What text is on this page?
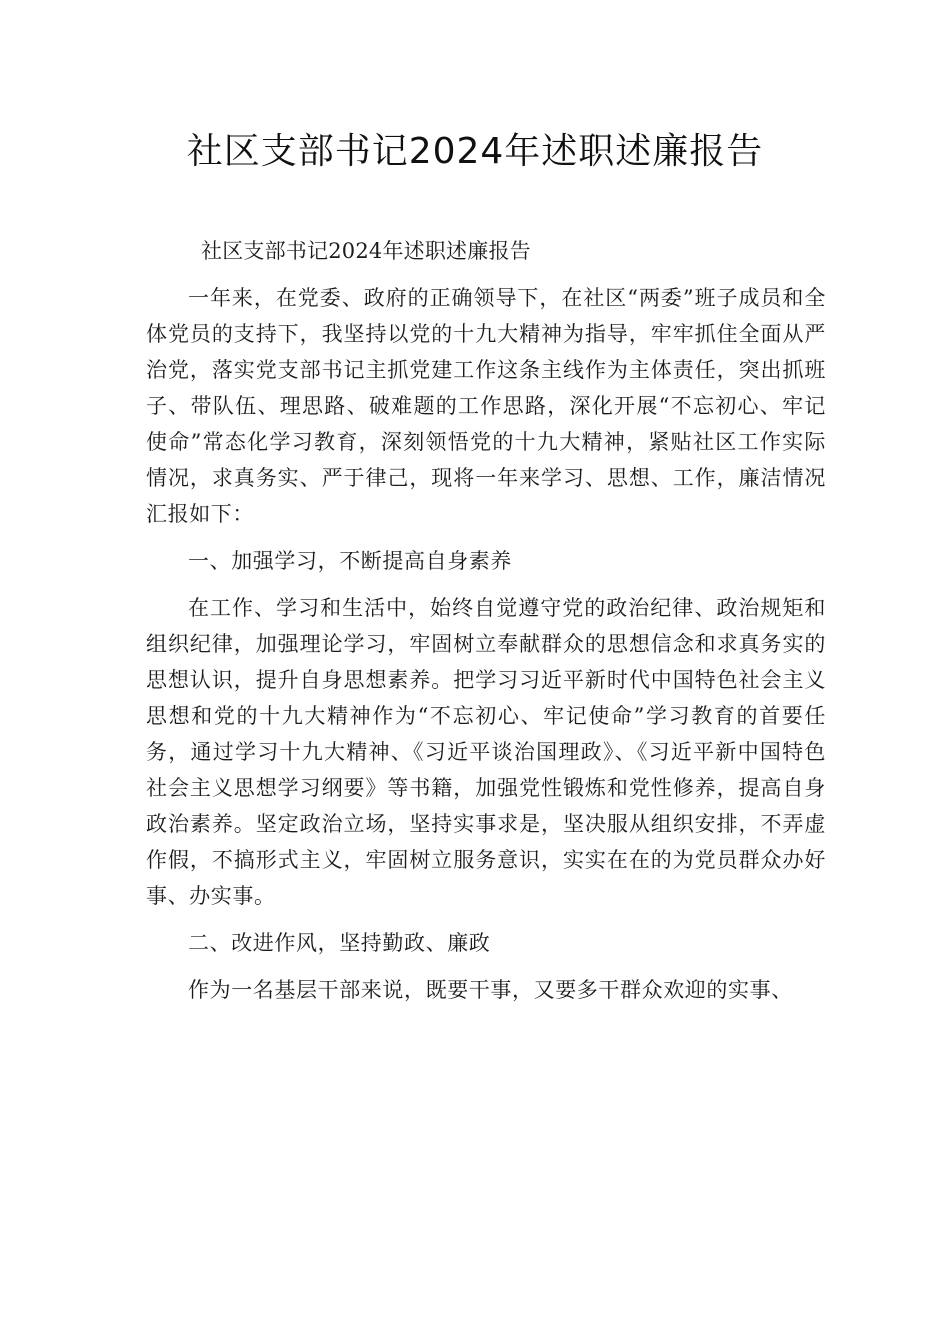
社区支部书记2024年述职述廉报告

社区支部书记2024年述职述廉报告

一年来，在党委、政府的正确领导下，在社区“两委”班子成员和全体党员的支持下，我坚持以党的十九大精神为指导，牢牢抓住全面从严治党，落实党支部书记主抓党建工作这条主线作为主体责任，突出抓班子、带队伍、理思路、破难题的工作思路，深化开展“不忘初心、牢记使命”常态化学习教育，深刻领悟党的十九大精神，紧贴社区工作实际情况，求真务实、严于律己，现将一年来学习、思想、工作，廉洁情况汇报如下：

一、加强学习，不断提高自身素养

在工作、学习和生活中，始终自觉遵守党的政治纪律、政治规矩和组织纪律，加强理论学习，牢固树立奉献群众的思想信念和求真务实的思想认识，提升自身思想素养。把学习习近平新时代中国特色社会主义思想和党的十九大精神作为“不忘初心、牢记使命”学习教育的首要任务，通过学习十九大精神、《习近平谈治国理政》、《习近平新中国特色社会主义思想学习纲要》等书籍，加强党性锻炼和党性修养，提高自身政治素养。坚定政治立场，坚持实事求是，坚决服从组织安排，不弄虚作假，不搞形式主义，牢固树立服务意识，实实在在的为党员群众办好事、办实事。

二、改进作风，坚持勤政、廉政

作为一名基层干部来说，既要干事，又要多干群众欢迎的实事、
